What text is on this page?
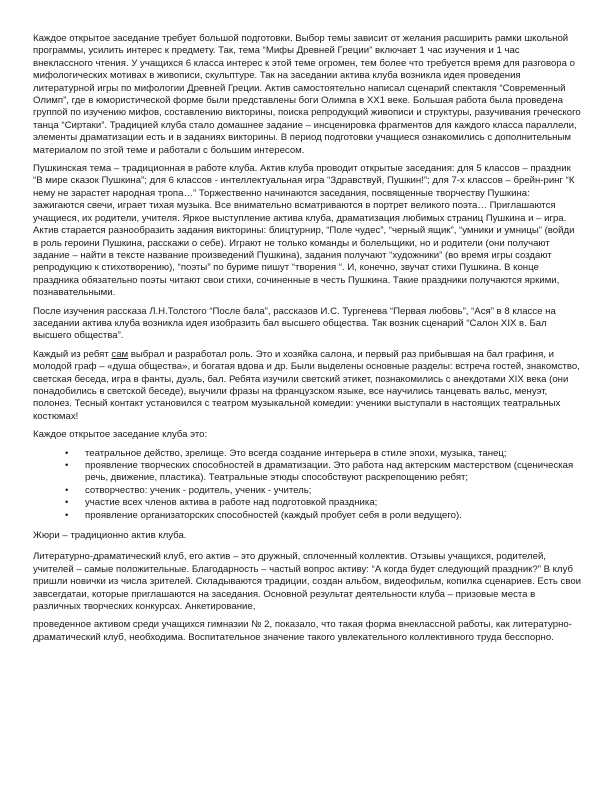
Каждое открытое заседание требует большой подготовки. Выбор темы зависит от желания расширить рамки школьной программы, усилить интерес к предмету. Так, тема “Мифы Древней Греции” включает 1 час изучения и 1 час внеклассного чтения. У учащихся 6 класса интерес к этой теме огромен, тем более что требуется время для разговора о мифологических мотивах в живописи, скульптуре. Так на заседании актива клуба возникла идея проведения литературной игры по мифологии Древней Греции. Актив самостоятельно написал сценарий спектакля “Современный Олимп”, где в юмористической форме были представлены боги Олимпа в ХХ1 веке. Большая работа была проведена группой по изучению мифов, составлению викторины, поиска репродукций живописи и структуры, разучивания греческого танца “Сиртаки”. Традицией клуба стало домашнее задание – инсценировка фрагментов для каждого класса параллели, элементы драматизации есть и в заданиях викторины. В период подготовки учащиеся ознакомились с дополнительным материалом по этой теме и работали с большим интересом.

Пушкинская тема – традиционная в работе клуба. Актив клуба проводит открытые заседания: для 5 классов – праздник “В мире сказок Пушкина”; для 6 классов - интеллектуальная игра “Здравствуй, Пушкин!”; для 7-х классов – брейн-ринг “К нему не зарастет народная тропа…” Торжественно начинаются заседания, посвященные творчеству Пушкина: зажигаются свечи, играет тихая музыка. Все внимательно всматриваются в портрет великого поэта… Приглашаются учащиеся, их родители, учителя. Яркое выступление актива клуба, драматизация любимых страниц Пушкина и – игра. Актив старается разнообразить задания викторины: блицтурнир, “Поле чудес”, “черный ящик”, “умники и умницы” (войди в роль героини Пушкина, расскажи о себе). Играют не только команды и болельщики, но и родители (они получают задание – найти в тексте название произведений Пушкина), задания получают “художники” (во время игры создают репродукцию к стихотворению), “поэты” по буриме пишут “творения “. И, конечно, звучат стихи Пушкина. В конце праздника обязательно поэты читают свои стихи, сочиненные в честь Пушкина. Такие праздники получаются яркими, познавательными.

После изучения рассказа Л.Н.Толстого “После бала”, рассказов И.С. Тургенева “Первая любовь”, “Ася” в 8 классе на заседании актива клуба возникла идея изобразить бал высшего общества. Так возник сценарий “Салон ХIХ в. Бал высшего общества”.

Каждый из ребят сам выбрал и разработал роль. Это и хозяйка салона, и первый раз прибывшая на бал графиня, и молодой граф – «душа общества», и богатая вдова и др. Были выделены основные разделы: встреча гостей, знакомство, светская беседа, игра в фанты, дуэль, бал. Ребята изучили светский этикет, познакомились с анекдотами ХIХ века (они понадобились в светской беседе), выучили фразы на французском языке, все научились танцевать вальс, менуэт, полонез. Тесный контакт установился с театром музыкальной комедии: ученики выступали в настоящих театральных костюмах!

Каждое открытое заседание клуба это:

• театральное действо, зрелище. Это всегда создание интерьера в стиле эпохи, музыка, танец;
• проявление творческих способностей в драматизации. Это работа над актерским мастерством (сценическая речь, движение, пластика). Театральные этюды способствуют раскрепощению ребят;
• сотворчество: ученик - родитель, ученик - учитель;
• участие всех членов актива в работе над подготовкой праздника;
• проявление организаторских способностей (каждый пробует себя в роли ведущего).

Жюри – традиционно актив клуба.

Литературно-драматический клуб, его актив – это дружный, сплоченный коллектив. Отзывы учащихся, родителей, учителей – самые положительные. Благодарность – частый вопрос активу: “А когда будет следующий праздник?” В клуб пришли новички из числа зрителей. Складываются традиции, создан альбом, видеофильм, копилка сценариев. Есть свои завсегдатаи, которые приглашаются на заседания. Основной результат деятельности клуба – призовые места в различных творческих конкурсах. Анкетирование,

проведенное активом среди учащихся гимназии № 2, показало, что такая форма внеклассной работы, как литературно-драматический клуб, необходима. Воспитательное значение такого увлекательного коллективного труда бесспорно.
